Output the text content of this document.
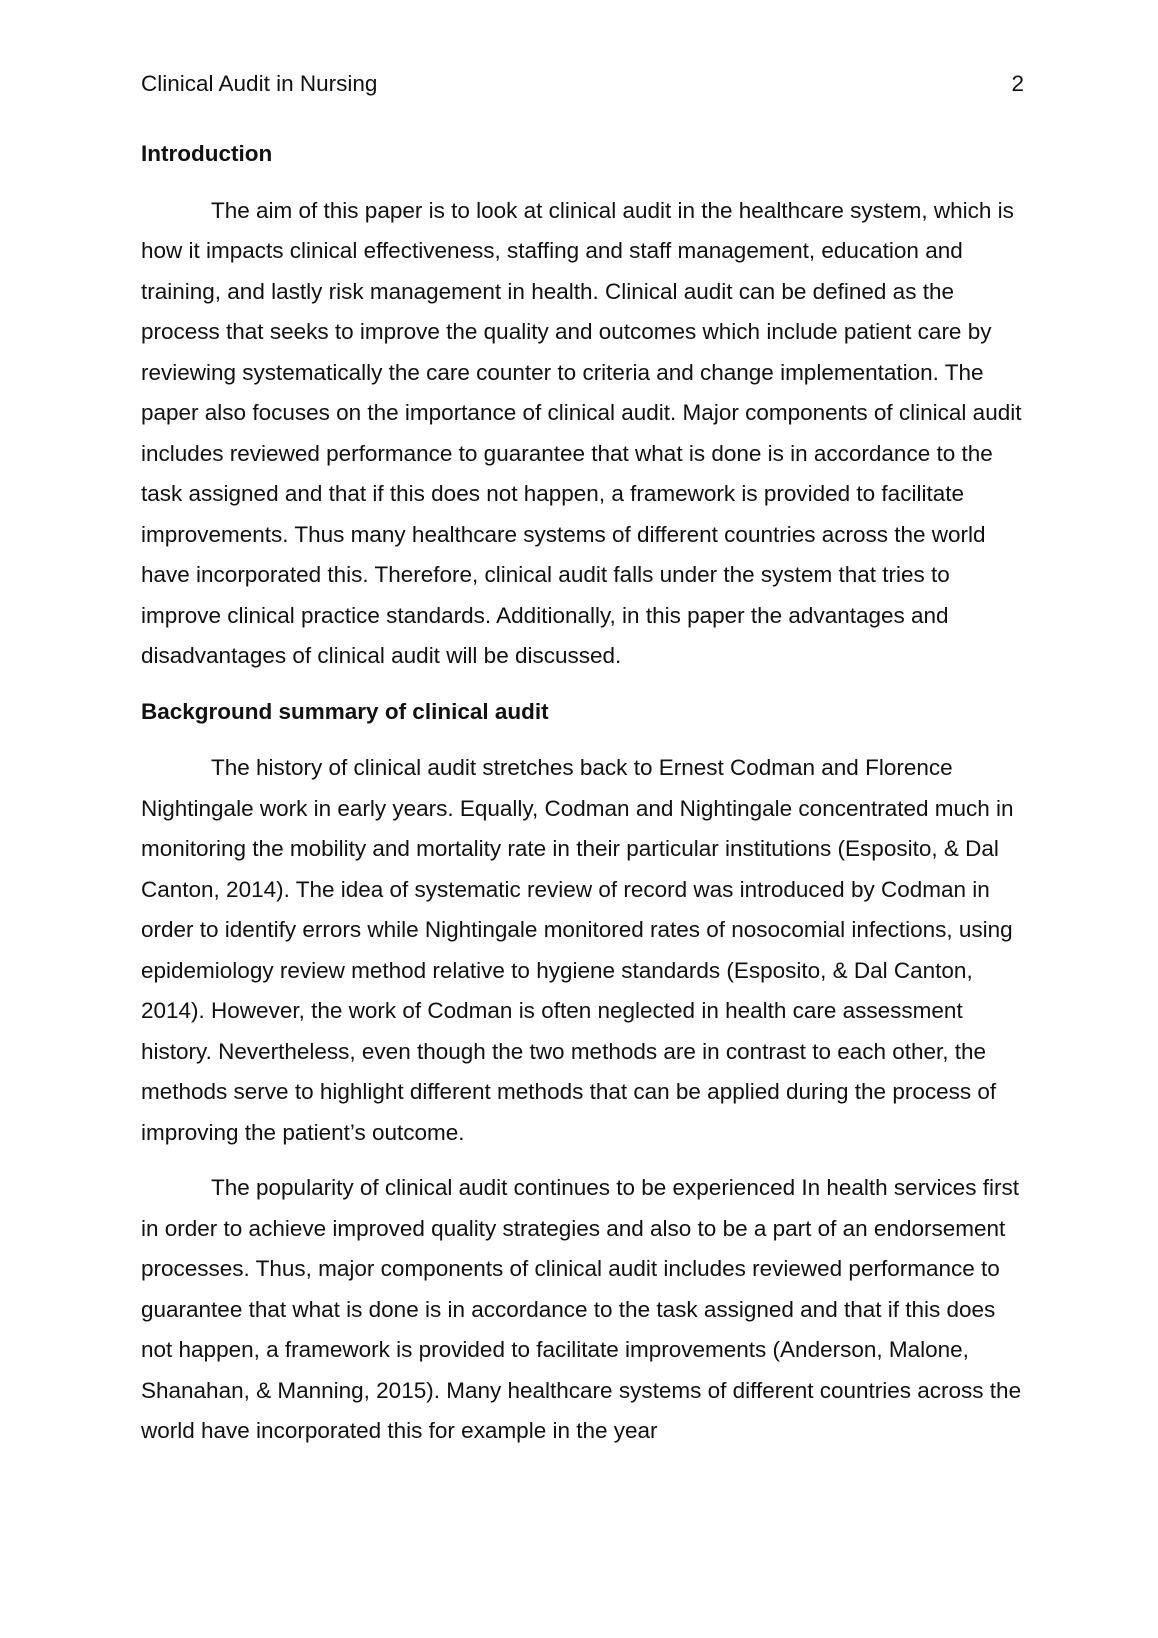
Clinical Audit in Nursing	2
Introduction

The aim of this paper is to look at clinical audit in the healthcare system, which is how it impacts clinical effectiveness, staffing and staff management, education and training, and lastly risk management in health. Clinical audit can be defined as the process that seeks to improve the quality and outcomes which include patient care by reviewing systematically the care counter to criteria and change implementation. The paper also focuses on the importance of clinical audit. Major components of clinical audit includes reviewed performance to guarantee that what is done is in accordance to the task assigned and that if this does not happen, a framework is provided to facilitate improvements. Thus many healthcare systems of different countries across the world have incorporated this. Therefore, clinical audit falls under the system that tries to improve clinical practice standards. Additionally, in this paper the advantages and disadvantages of clinical audit will be discussed.

Background summary of clinical audit

The history of clinical audit stretches back to Ernest Codman and Florence Nightingale work in early years. Equally, Codman and Nightingale concentrated much in monitoring the mobility and mortality rate in their particular institutions (Esposito, & Dal Canton, 2014). The idea of systematic review of record was introduced by Codman in order to identify errors while Nightingale monitored rates of nosocomial infections, using epidemiology review method relative to hygiene standards (Esposito, & Dal Canton, 2014). However, the work of Codman is often neglected in health care assessment history. Nevertheless, even though the two methods are in contrast to each other, the methods serve to highlight different methods that can be applied during the process of improving the patient’s outcome.

The popularity of clinical audit continues to be experienced In health services first in order to achieve improved quality strategies and also to be a part of an endorsement processes. Thus, major components of clinical audit includes reviewed performance to guarantee that what is done is in accordance to the task assigned and that if this does not happen, a framework is provided to facilitate improvements (Anderson, Malone, Shanahan, & Manning, 2015). Many healthcare systems of different countries across the world have incorporated this for example in the year
